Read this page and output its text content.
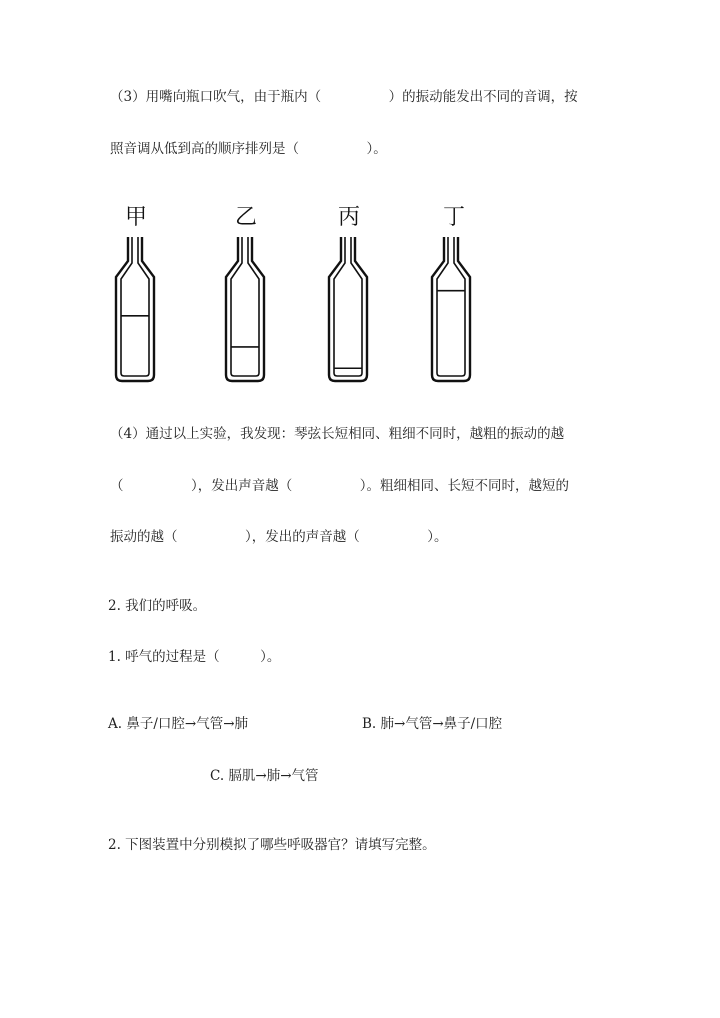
（3）用嘴向瓶口吹气，由于瓶内（　　　　　）的振动能发出不同的音调，按
照音调从低到高的顺序排列是（　　　　　）。
甲	乙	丙	丁
（4）通过以上实验，我发现：琴弦长短相同、粗细不同时，越粗的振动的越
（　　　　　），发出声音越（　　　　　）。粗细相同、长短不同时，越短的
振动的越（　　　　　），发出的声音越（　　　　　）。
2. 我们的呼吸。
1. 呼气的过程是（　　　）。
A. 鼻子/口腔→气管→肺	B. 肺→气管→鼻子/口腔
C. 膈肌→肺→气管
2. 下图装置中分别模拟了哪些呼吸器官？请填写完整。
